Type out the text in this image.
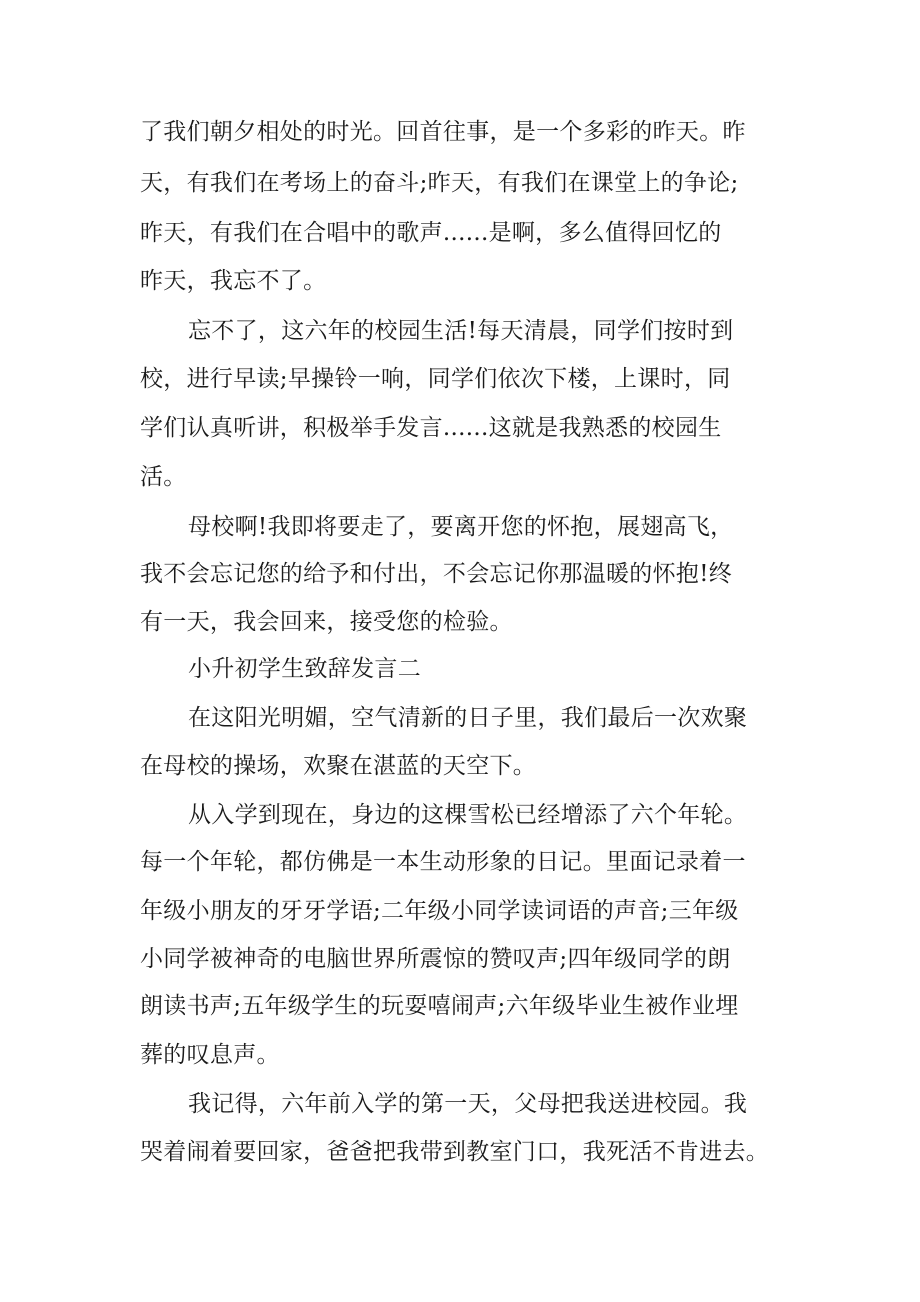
了我们朝夕相处的时光。回首往事，是一个多彩的昨天。昨
天，有我们在考场上的奋斗;昨天，有我们在课堂上的争论;
昨天，有我们在合唱中的歌声......是啊，多么值得回忆的
昨天，我忘不了。
忘不了，这六年的校园生活!每天清晨，同学们按时到
校，进行早读;早操铃一响，同学们依次下楼，上课时，同
学们认真听讲，积极举手发言......这就是我熟悉的校园生
活。
母校啊!我即将要走了，要离开您的怀抱，展翅高飞，
我不会忘记您的给予和付出，不会忘记你那温暖的怀抱!终
有一天，我会回来，接受您的检验。
小升初学生致辞发言二
在这阳光明媚，空气清新的日子里，我们最后一次欢聚
在母校的操场，欢聚在湛蓝的天空下。
从入学到现在，身边的这棵雪松已经增添了六个年轮。
每一个年轮，都仿佛是一本生动形象的日记。里面记录着一
年级小朋友的牙牙学语;二年级小同学读词语的声音;三年级
小同学被神奇的电脑世界所震惊的赞叹声;四年级同学的朗
朗读书声;五年级学生的玩耍嘻闹声;六年级毕业生被作业埋
葬的叹息声。
我记得，六年前入学的第一天，父母把我送进校园。我
哭着闹着要回家，爸爸把我带到教室门口，我死活不肯进去。
